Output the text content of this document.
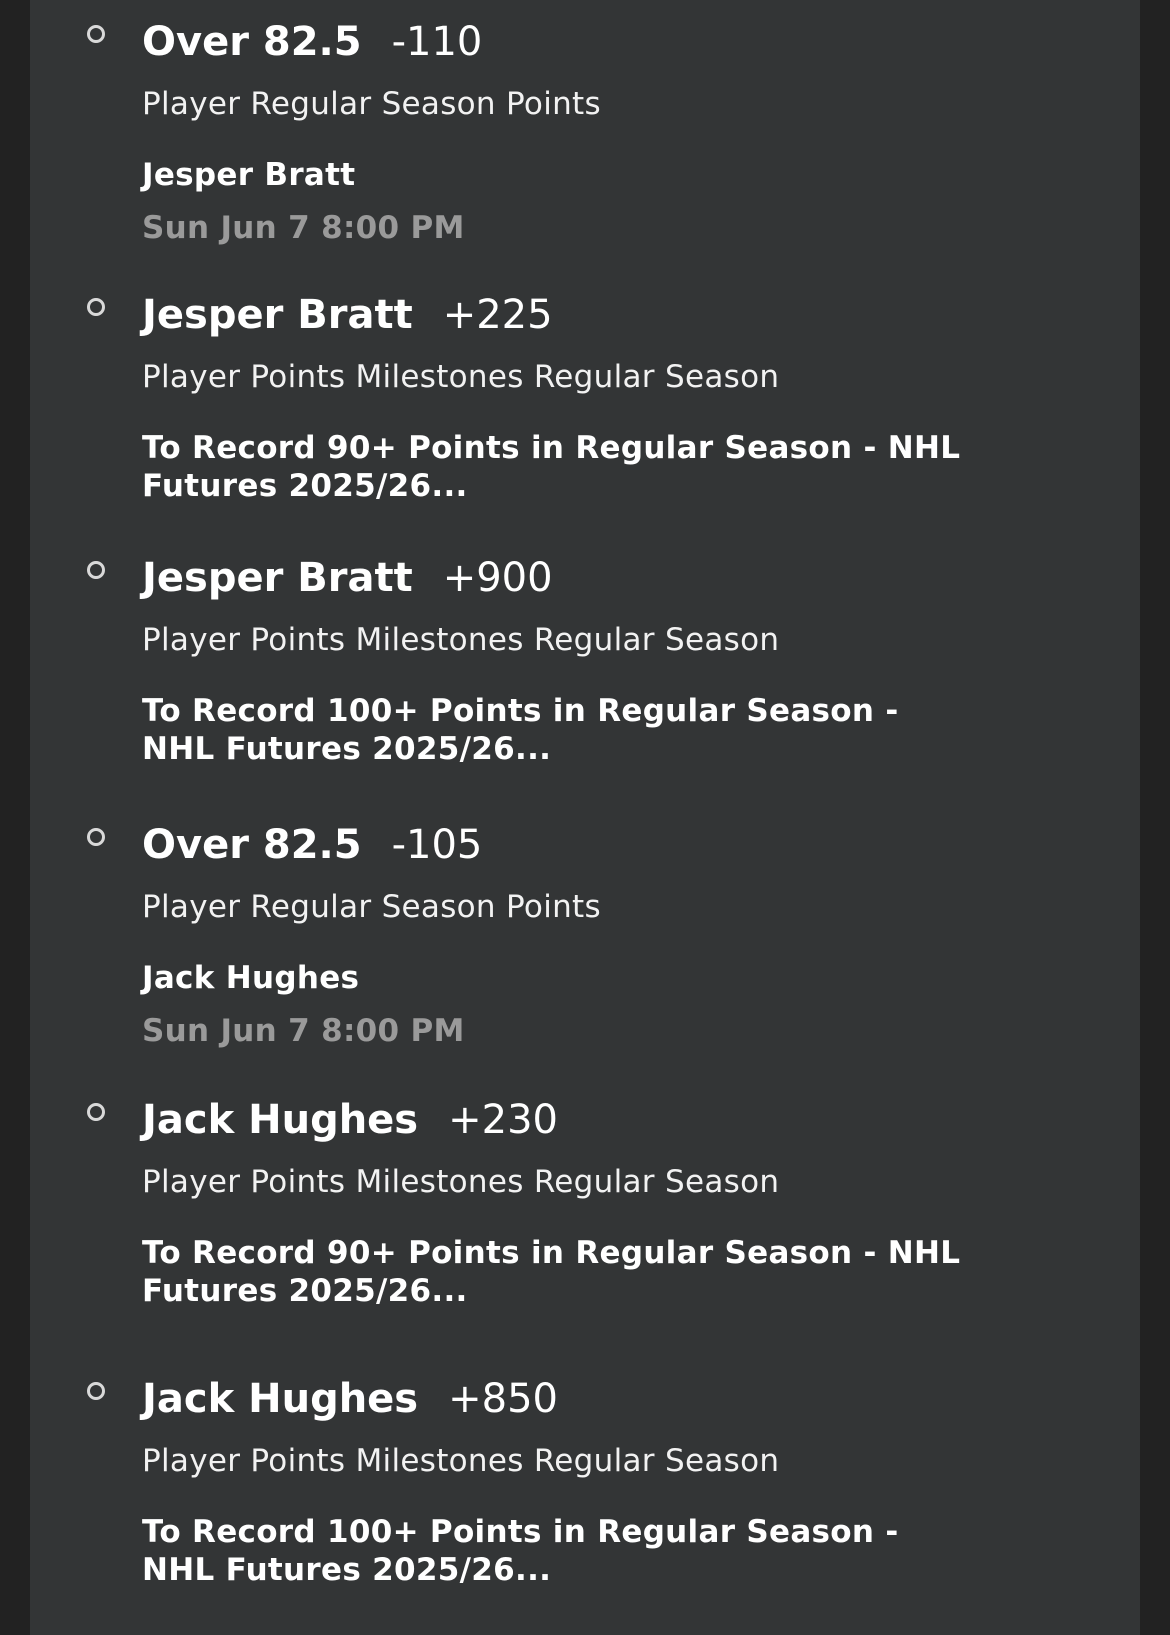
Over 82.5 -110
Player Regular Season Points
Jesper Bratt
Sun Jun 7 8:00 PM
Jesper Bratt +225
Player Points Milestones Regular Season
To Record 90+ Points in Regular Season - NHL Futures 2025/26...
Jesper Bratt +900
Player Points Milestones Regular Season
To Record 100+ Points in Regular Season - NHL Futures 2025/26...
Over 82.5 -105
Player Regular Season Points
Jack Hughes
Sun Jun 7 8:00 PM
Jack Hughes +230
Player Points Milestones Regular Season
To Record 90+ Points in Regular Season - NHL Futures 2025/26...
Jack Hughes +850
Player Points Milestones Regular Season
To Record 100+ Points in Regular Season - NHL Futures 2025/26...
